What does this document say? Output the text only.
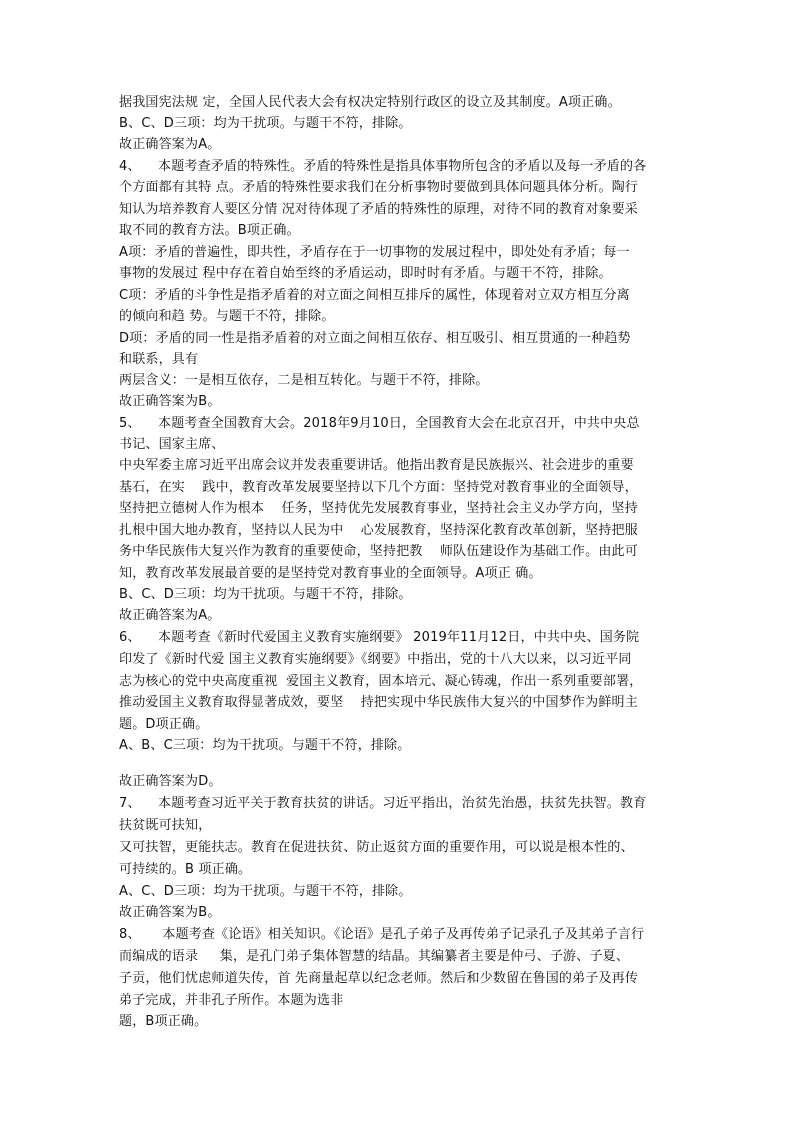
据我国宪法规 定，全国人民代表大会有权决定特别行政区的设立及其制度。A项正确。
B、C、D三项：均为干扰项。与题干不符，排除。
故正确答案为A。
4、    本题考查矛盾的特殊性。矛盾的特殊性是指具体事物所包含的矛盾以及每一矛盾的各
个方面都有其特 点。矛盾的特殊性要求我们在分析事物时要做到具体问题具体分析。陶行
知认为培养教育人要区分情 况对待体现了矛盾的特殊性的原理，对待不同的教育对象要采
取不同的教育方法。B项正确。
A项：矛盾的普遍性，即共性，矛盾存在于一切事物的发展过程中，即处处有矛盾；每一
事物的发展过 程中存在着自始至终的矛盾运动，即时时有矛盾。与题干不符，排除。
C项：矛盾的斗争性是指矛盾着的对立面之间相互排斥的属性，体现着对立双方相互分离
的倾向和趋 势。与题干不符，排除。
D项：矛盾的同一性是指矛盾着的对立面之间相互依存、相互吸引、相互贯通的一种趋势
和联系，具有
两层含义：一是相互依存，二是相互转化。与题干不符，排除。
故正确答案为B。
5、    本题考查全国教育大会。2018年9月10日，全国教育大会在北京召开，中共中央总
书记、国家主席、
中央军委主席习近平出席会议并发表重要讲话。他指出教育是民族振兴、社会进步的重要
基石，在实    践中，教育改革发展要坚持以下几个方面：坚持党对教育事业的全面领导，
坚持把立德树人作为根本    任务，坚持优先发展教育事业，坚持社会主义办学方向，坚持
扎根中国大地办教育，坚持以人民为中    心发展教育，坚持深化教育改革创新，坚持把服
务中华民族伟大复兴作为教育的重要使命，坚持把教    师队伍建设作为基础工作。由此可
知，教育改革发展最首要的是坚持党对教育事业的全面领导。A项正 确。
B、C、D三项：均为干扰项。与题干不符，排除。
故正确答案为A。
6、    本题考查《新时代爱国主义教育实施纲要》 2019年11月12日，中共中央、国务院
印发了《新时代爱 国主义教育实施纲要》《纲要》中指出，党的十八大以来，以习近平同
志为核心的党中央高度重视  爱国主义教育，固本培元、凝心铸魂，作出一系列重要部署，
推动爱国主义教育取得显著成效，要坚    持把实现中华民族伟大复兴的中国梦作为鲜明主
题。D项正确。
A、B、C三项：均为干扰项。与题干不符，排除。
故正确答案为D。
7、    本题考查习近平关于教育扶贫的讲话。习近平指出，治贫先治愚，扶贫先扶智。教育
扶贫既可扶知，
又可扶智，更能扶志。教育在促进扶贫、防止返贫方面的重要作用，可以说是根本性的、
可持续的。B 项正确。
A、C、D三项：均为干扰项。与题干不符，排除。
故正确答案为B。
8、     本题考查《论语》相关知识。《论语》是孔子弟子及再传弟子记录孔子及其弟子言行
而编成的语录     集，是孔门弟子集体智慧的结晶。其编纂者主要是仲弓、子游、子夏、
子贡，他们忧虑师道失传，首 先商量起草以纪念老师。然后和少数留在鲁国的弟子及再传
弟子完成，并非孔子所作。本题为选非
题，B项正确。
